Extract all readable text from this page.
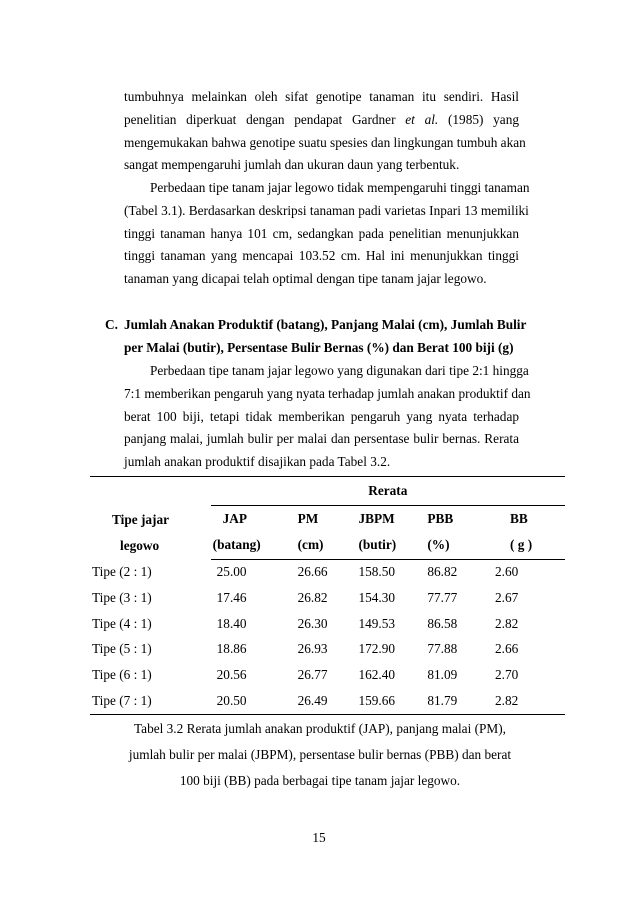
tumbuhnya melainkan oleh sifat genotipe tanaman itu sendiri. Hasil
penelitian diperkuat dengan pendapat Gardner et al. (1985) yang
mengemukakan bahwa genotipe suatu spesies dan lingkungan tumbuh akan
sangat mempengaruhi jumlah dan ukuran daun yang terbentuk.
Perbedaan tipe tanam jajar legowo tidak mempengaruhi tinggi tanaman
(Tabel 3.1). Berdasarkan deskripsi tanaman padi varietas Inpari 13 memiliki
tinggi tanaman hanya 101 cm, sedangkan pada penelitian menunjukkan
tinggi tanaman yang mencapai 103.52 cm. Hal ini menunjukkan tinggi
tanaman yang dicapai telah optimal dengan tipe tanam jajar legowo.
C. Jumlah Anakan Produktif (batang), Panjang Malai (cm), Jumlah Bulir
per Malai (butir), Persentase Bulir Bernas (%) dan Berat 100 biji (g)
Perbedaan tipe tanam jajar legowo yang digunakan dari tipe 2:1 hingga
7:1 memberikan pengaruh yang nyata terhadap jumlah anakan produktif dan
berat 100 biji, tetapi tidak memberikan pengaruh yang nyata terhadap
panjang malai, jumlah bulir per malai dan persentase bulir bernas. Rerata
jumlah anakan produktif disajikan pada Tabel 3.2.
Tipe jajar
legowo	Rerata				
	JAP	PM	JBPM	PBB	BB
	(batang)	(cm)	(butir)	(%)	( g )
Tipe (2 : 1)	25.00	26.66	158.50	86.82	2.60
Tipe (3 : 1)	17.46	26.82	154.30	77.77	2.67
Tipe (4 : 1)	18.40	26.30	149.53	86.58	2.82
Tipe (5 : 1)	18.86	26.93	172.90	77.88	2.66
Tipe (6 : 1)	20.56	26.77	162.40	81.09	2.70
Tipe (7 : 1)	20.50	26.49	159.66	81.79	2.82
Tabel 3.2 Rerata jumlah anakan produktif (JAP), panjang malai (PM),
jumlah bulir per malai (JBPM), persentase bulir bernas (PBB) dan berat
100 biji (BB) pada berbagai tipe tanam jajar legowo.
15
